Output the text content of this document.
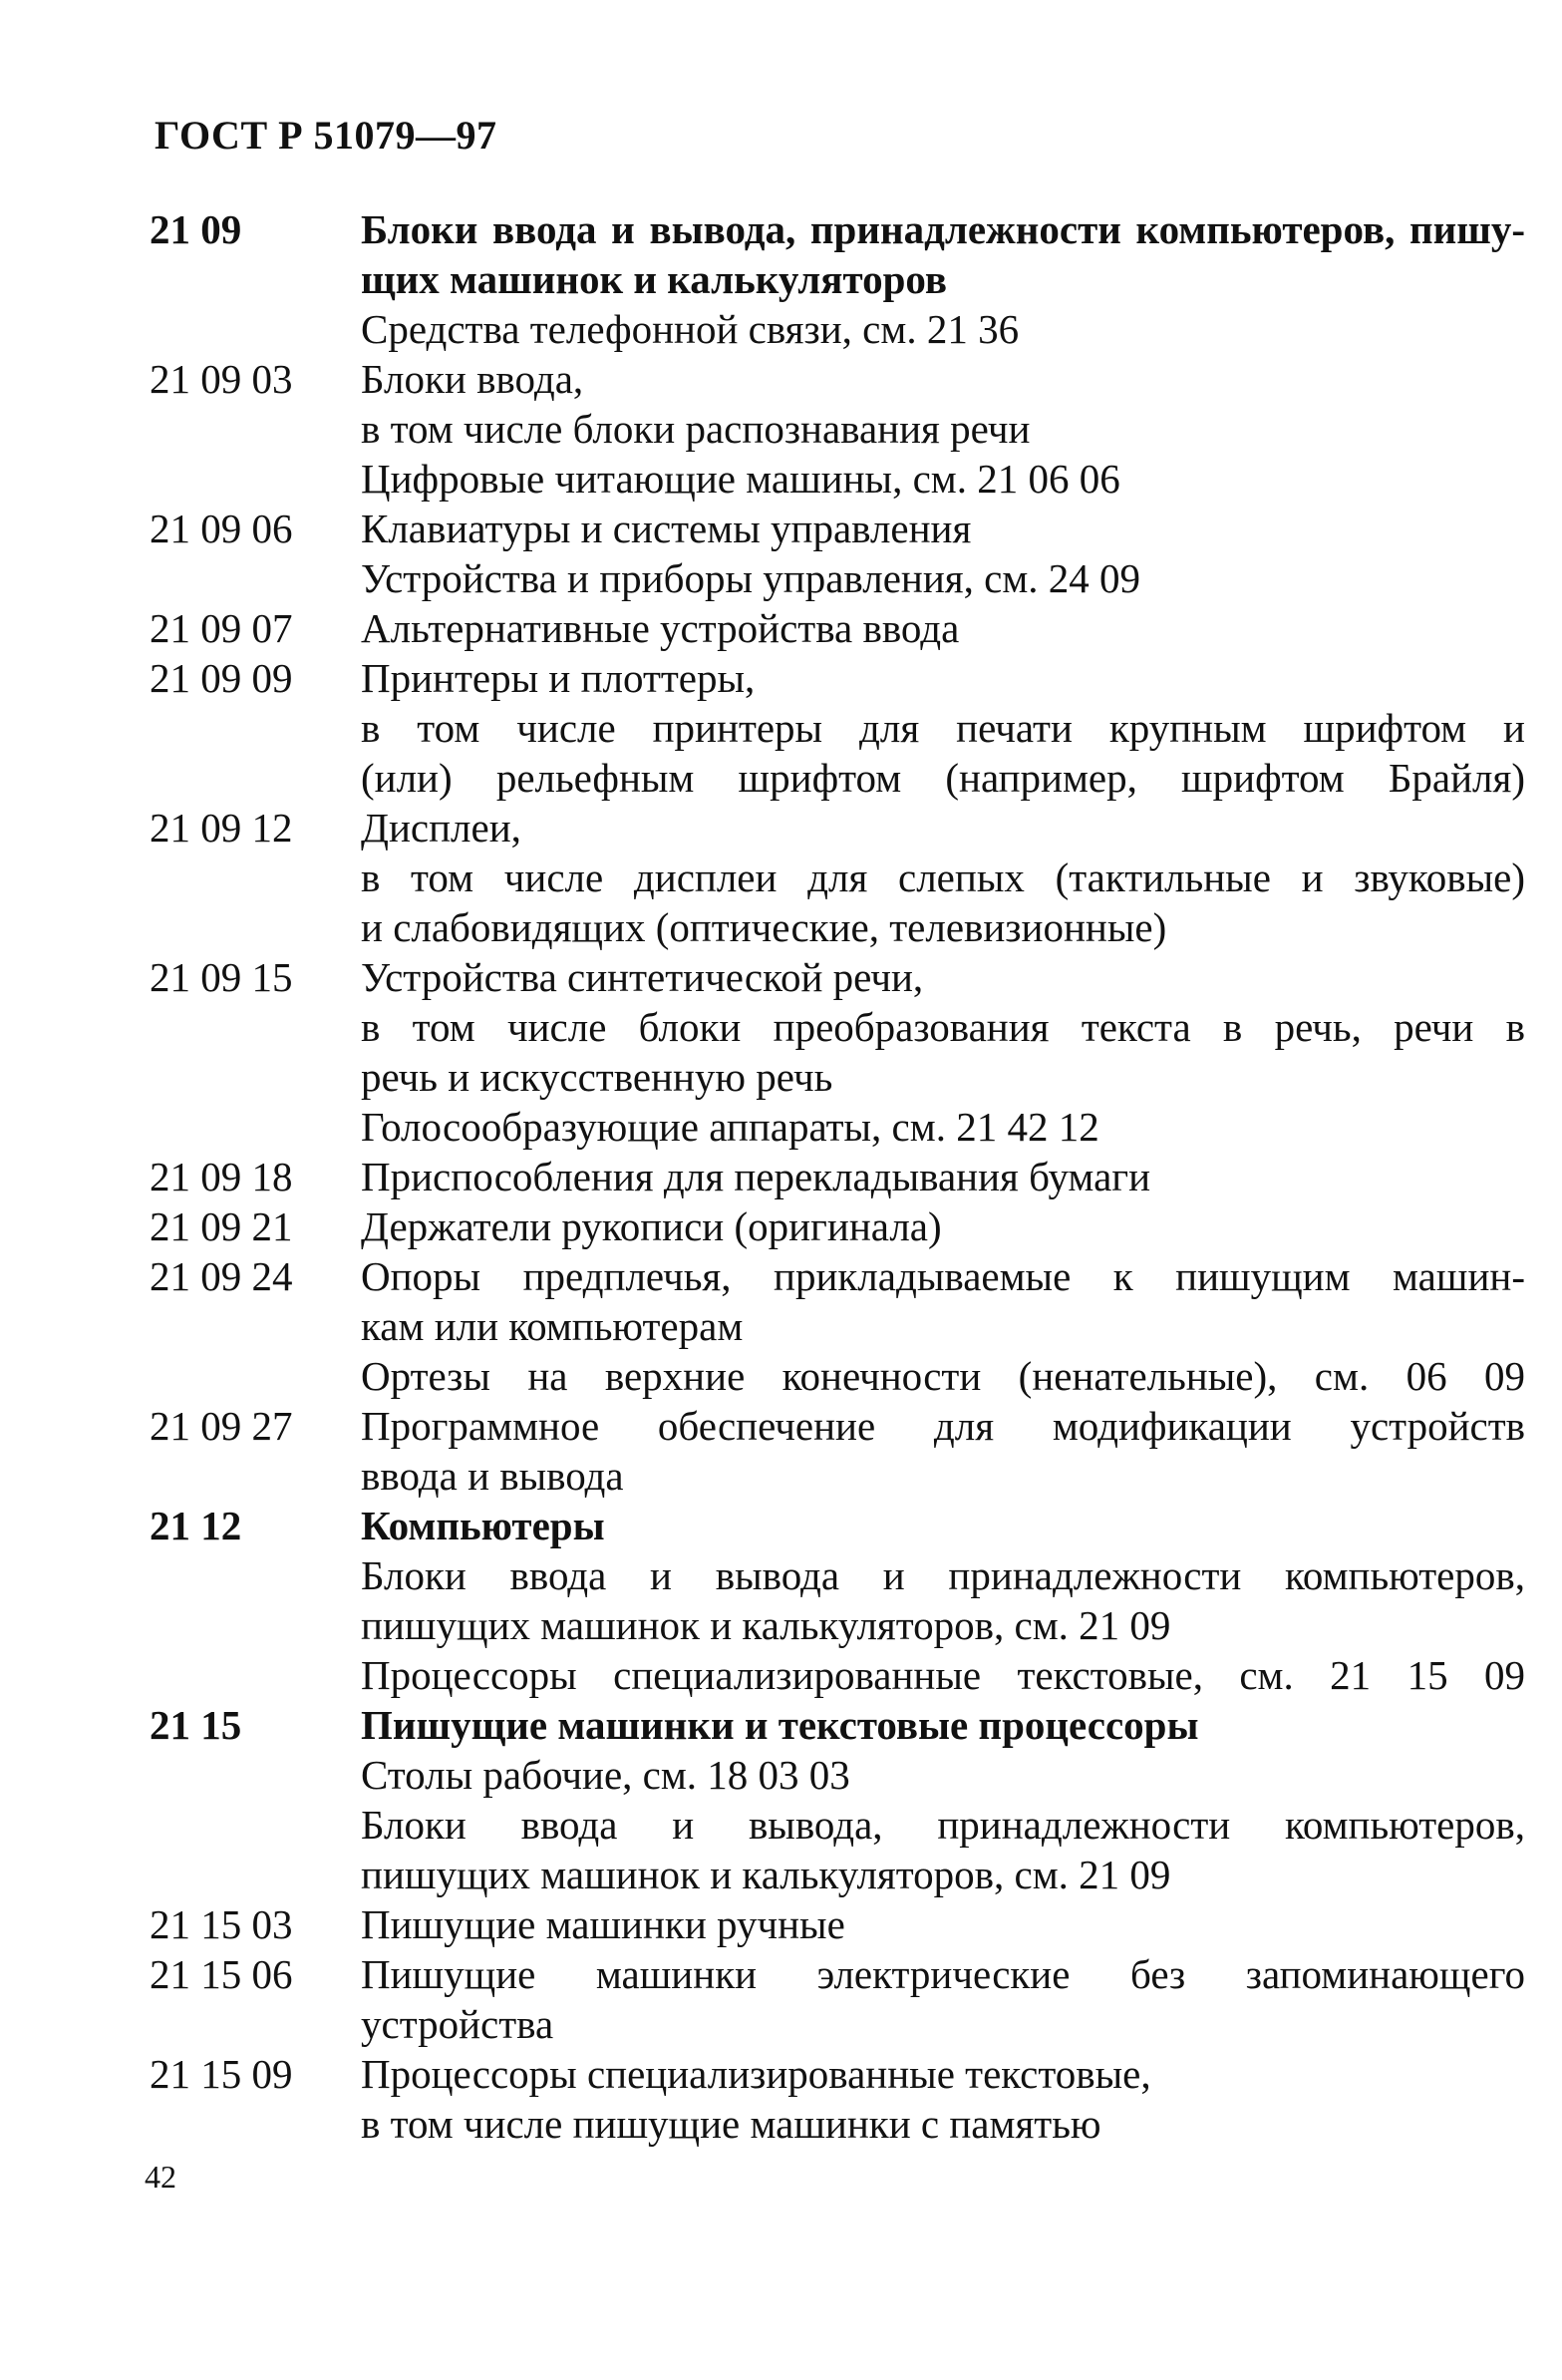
ГОСТ Р 51079—97
21 09	Блоки ввода и вывода, принадлежности компьютеров, пишу-
щих машинок и калькуляторов
Средства телефонной связи, см. 21 36
21 09 03	Блоки ввода,
в том числе блоки распознавания речи
Цифровые читающие машины, см. 21 06 06
21 09 06	Клавиатуры и системы управления
Устройства и приборы управления, см. 24 09
21 09 07	Альтернативные устройства ввода
21 09 09	Принтеры и плоттеры,
в том числе принтеры для печати крупным шрифтом и
(или) рельефным шрифтом (например, шрифтом Брайля)
21 09 12	Дисплеи,
в том числе дисплеи для слепых (тактильные и звуковые)
и слабовидящих (оптические, телевизионные)
21 09 15	Устройства синтетической речи,
в том числе блоки преобразования текста в речь, речи в
речь и искусственную речь
Голосообразующие аппараты, см. 21 42 12
21 09 18	Приспособления для перекладывания бумаги
21 09 21	Держатели рукописи (оригинала)
21 09 24	Опоры предплечья, прикладываемые к пишущим машин-
кам или компьютерам
Ортезы на верхние конечности (ненательные), см. 06 09
21 09 27	Программное обеспечение для модификации устройств
ввода и вывода
21 12	Компьютеры
Блоки ввода и вывода и принадлежности компьютеров,
пишущих машинок и калькуляторов, см. 21 09
Процессоры специализированные текстовые, см. 21 15 09
21 15	Пишущие машинки и текстовые процессоры
Столы рабочие, см. 18 03 03
Блоки ввода и вывода, принадлежности компьютеров,
пишущих машинок и калькуляторов, см. 21 09
21 15 03	Пишущие машинки ручные
21 15 06	Пишущие машинки электрические без запоминающего
устройства
21 15 09	Процессоры специализированные текстовые,
в том числе пишущие машинки с памятью
42
